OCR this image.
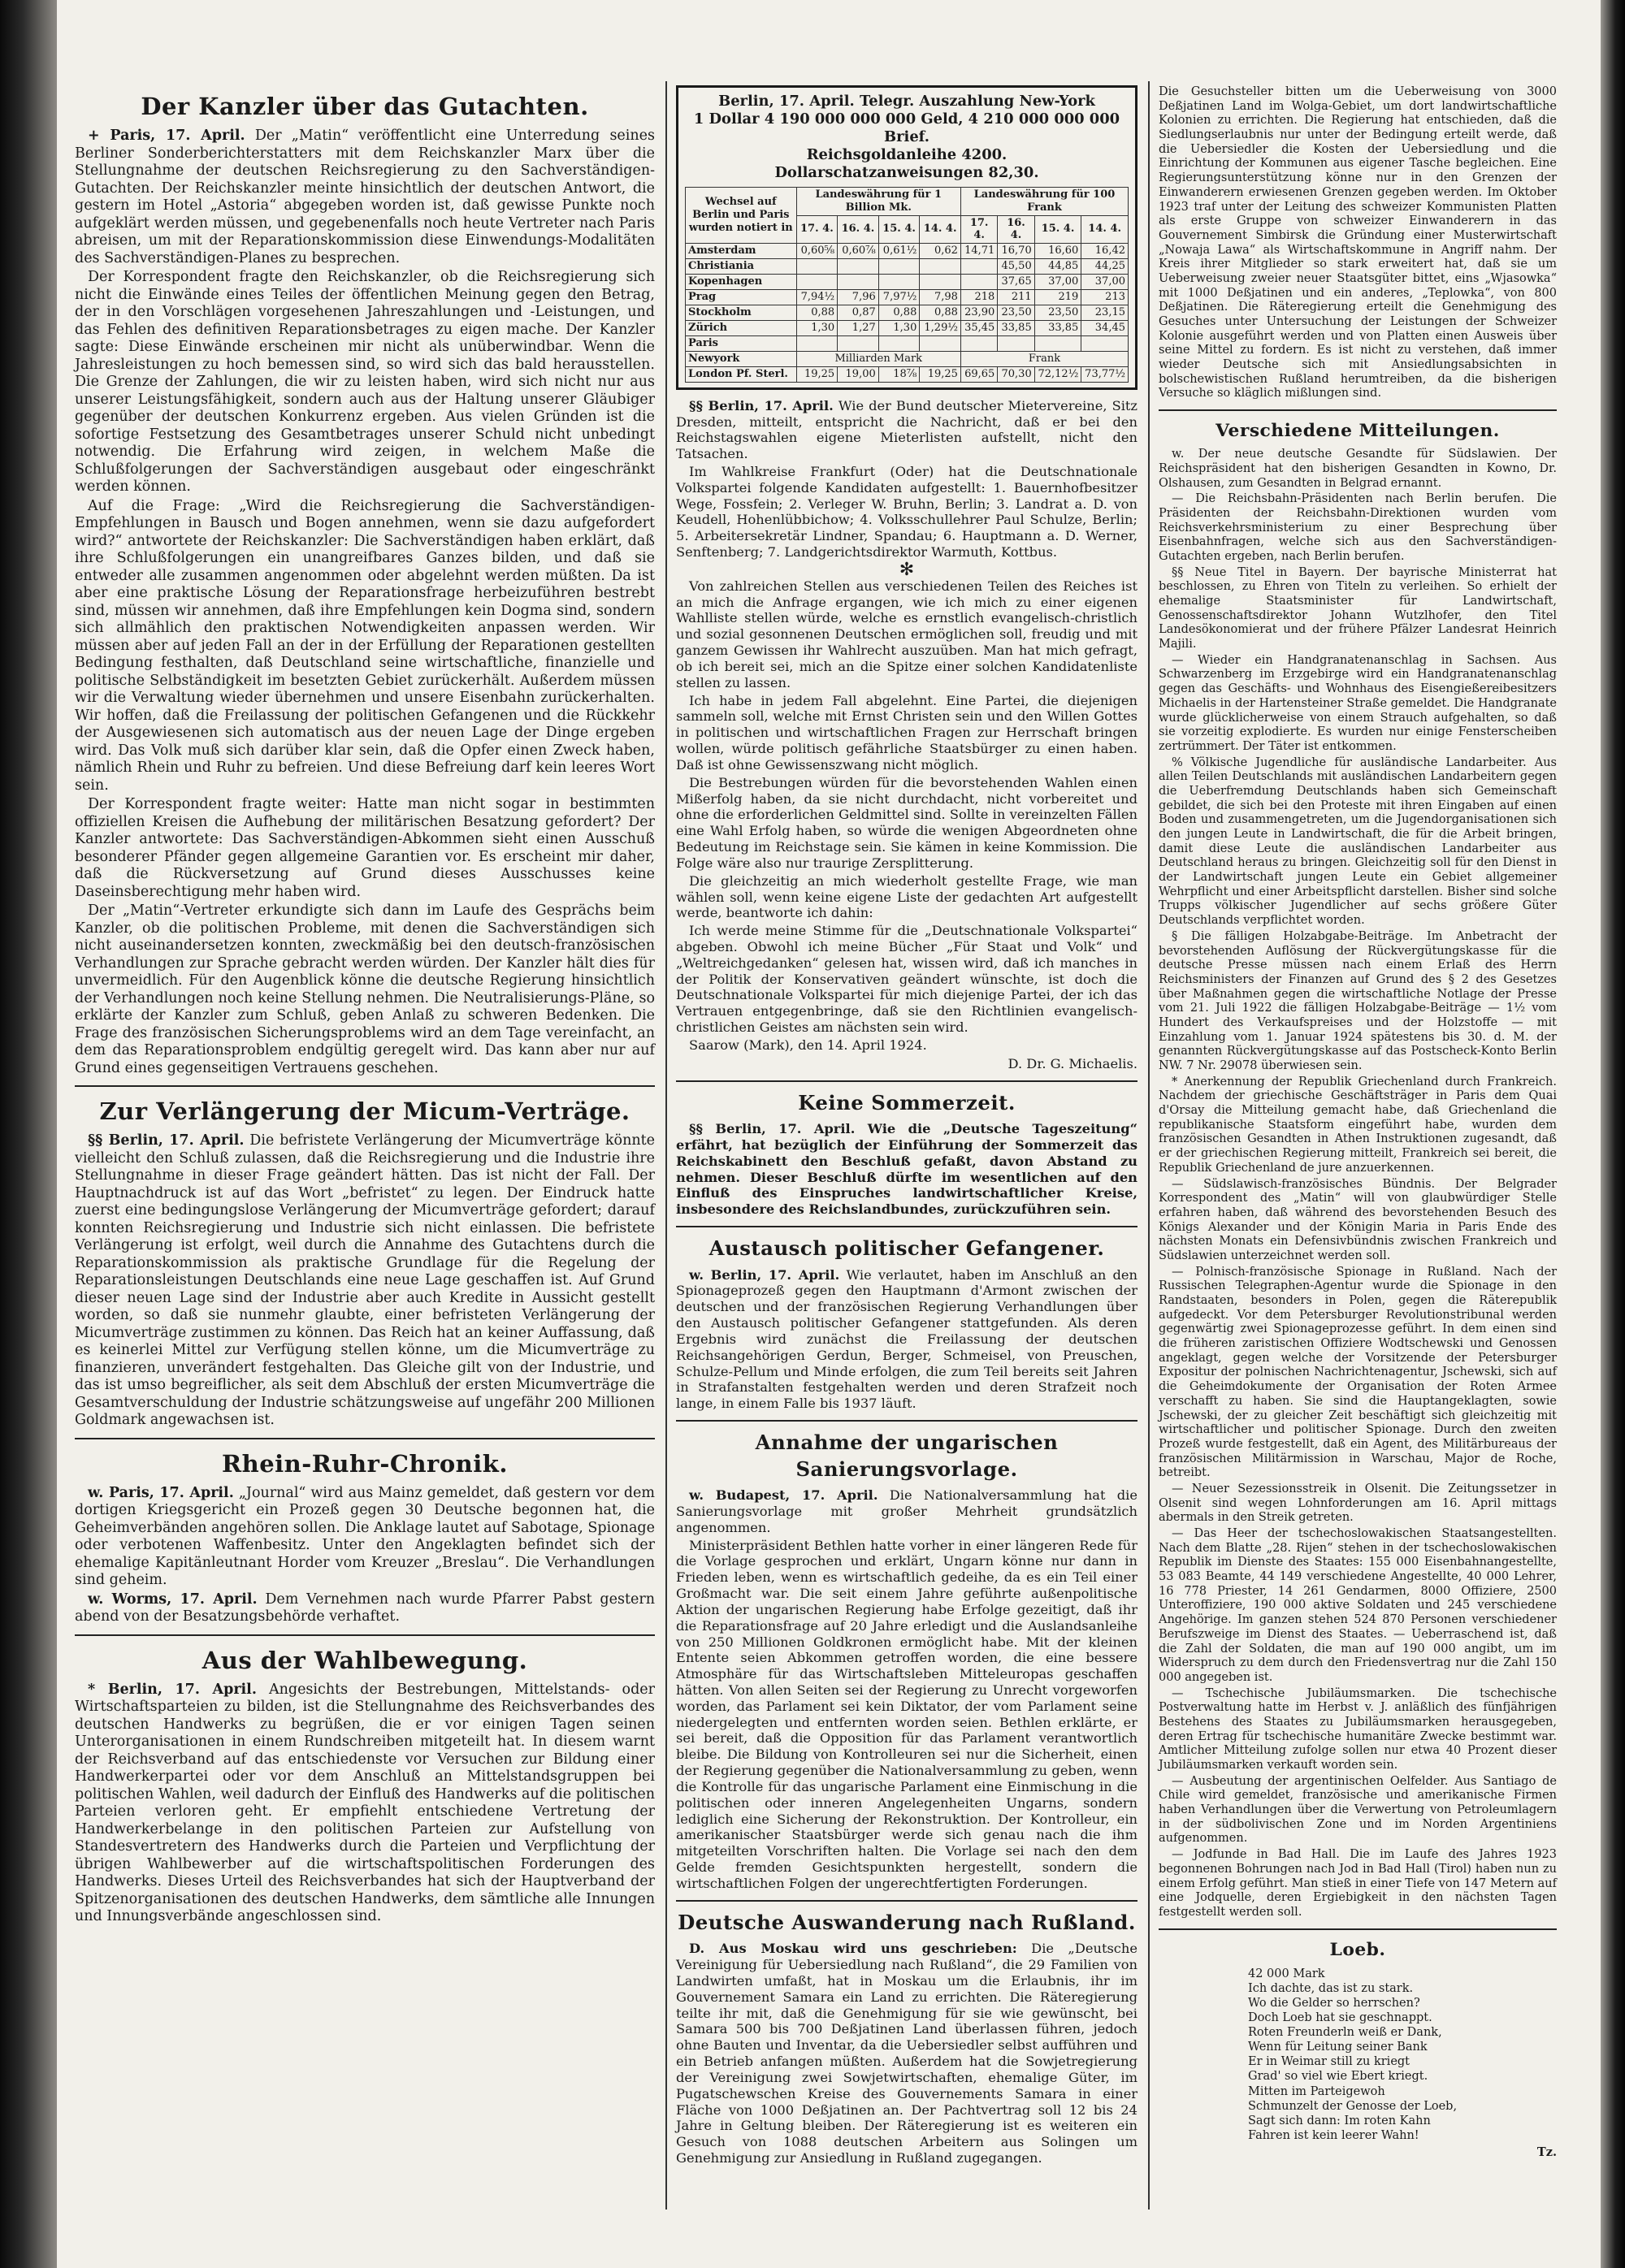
Der Kanzler über das Gutachten.

+ Paris, 17. April. Der „Matin“ veröffentlicht eine Unterredung seines Berliner Sonderberichterstatters mit dem Reichskanzler Marx über die Stellungnahme der deutschen Reichsregierung zu den Sachverständigen-Gutachten. Der Reichskanzler meinte hinsichtlich der deutschen Antwort, die gestern im Hotel „Astoria“ abgegeben worden ist, daß gewisse Punkte noch aufgeklärt werden müssen, und gegebenenfalls noch heute Vertreter nach Paris abreisen, um mit der Reparationskommission diese Einwendungs-Modalitäten des Sachverständigen-Planes zu besprechen.

Der Korrespondent fragte den Reichskanzler, ob die Reichsregierung sich nicht die Einwände eines Teiles der öffentlichen Meinung gegen den Betrag, der in den Vorschlägen vorgesehenen Jahreszahlungen und -Leistungen, und das Fehlen des definitiven Reparationsbetrages zu eigen mache. Der Kanzler sagte: Diese Einwände erscheinen mir nicht als unüberwindbar. Wenn die Jahresleistungen zu hoch bemessen sind, so wird sich das bald herausstellen. Die Grenze der Zahlungen, die wir zu leisten haben, wird sich nicht nur aus unserer Leistungsfähigkeit, sondern auch aus der Haltung unserer Gläubiger gegenüber der deutschen Konkurrenz ergeben. Aus vielen Gründen ist die sofortige Festsetzung des Gesamtbetrages unserer Schuld nicht unbedingt notwendig. Die Erfahrung wird zeigen, in welchem Maße die Schlußfolgerungen der Sachverständigen ausgebaut oder eingeschränkt werden können.

Auf die Frage: „Wird die Reichsregierung die Sachverständigen-Empfehlungen in Bausch und Bogen annehmen, wenn sie dazu aufgefordert wird?“ antwortete der Reichskanzler: Die Sachverständigen haben erklärt, daß ihre Schlußfolgerungen ein unangreifbares Ganzes bilden, und daß sie entweder alle zusammen angenommen oder abgelehnt werden müßten. Da ist aber eine praktische Lösung der Reparationsfrage herbeizuführen bestrebt sind, müssen wir annehmen, daß ihre Empfehlungen kein Dogma sind, sondern sich allmählich den praktischen Notwendigkeiten anpassen werden. Wir müssen aber auf jeden Fall an der in der Erfüllung der Reparationen gestellten Bedingung festhalten, daß Deutschland seine wirtschaftliche, finanzielle und politische Selbständigkeit im besetzten Gebiet zurückerhält. Außerdem müssen wir die Verwaltung wieder übernehmen und unsere Eisenbahn zurückerhalten. Wir hoffen, daß die Freilassung der politischen Gefangenen und die Rückkehr der Ausgewiesenen sich automatisch aus der neuen Lage der Dinge ergeben wird. Das Volk muß sich darüber klar sein, daß die Opfer einen Zweck haben, nämlich Rhein und Ruhr zu befreien. Und diese Befreiung darf kein leeres Wort sein.

Der Korrespondent fragte weiter: Hatte man nicht sogar in bestimmten offiziellen Kreisen die Aufhebung der militärischen Besatzung gefordert? Der Kanzler antwortete: Das Sachverständigen-Abkommen sieht einen Ausschuß besonderer Pfänder gegen allgemeine Garantien vor. Es erscheint mir daher, daß die Rückversetzung auf Grund dieses Ausschusses keine Daseinsberechtigung mehr haben wird.

Der „Matin“-Vertreter erkundigte sich dann im Laufe des Gesprächs beim Kanzler, ob die politischen Probleme, mit denen die Sachverständigen sich nicht auseinandersetzen konnten, zweckmäßig bei den deutsch-französischen Verhandlungen zur Sprache gebracht werden würden. Der Kanzler hält dies für unvermeidlich. Für den Augenblick könne die deutsche Regierung hinsichtlich der Verhandlungen noch keine Stellung nehmen. Die Neutralisierungs-Pläne, so erklärte der Kanzler zum Schluß, geben Anlaß zu schweren Bedenken. Die Frage des französischen Sicherungsproblems wird an dem Tage vereinfacht, an dem das Reparationsproblem endgültig geregelt wird. Das kann aber nur auf Grund eines gegenseitigen Vertrauens geschehen.

Zur Verlängerung der Micum-Verträge.

§§ Berlin, 17. April. Die befristete Verlängerung der Micumverträge könnte vielleicht den Schluß zulassen, daß die Reichsregierung und die Industrie ihre Stellungnahme in dieser Frage geändert hätten. Das ist nicht der Fall. Der Hauptnachdruck ist auf das Wort „befristet“ zu legen. Der Eindruck hatte zuerst eine bedingungslose Verlängerung der Micumverträge gefordert; darauf konnten Reichsregierung und Industrie sich nicht einlassen. Die befristete Verlängerung ist erfolgt, weil durch die Annahme des Gutachtens durch die Reparationskommission als praktische Grundlage für die Regelung der Reparationsleistungen Deutschlands eine neue Lage geschaffen ist. Auf Grund dieser neuen Lage sind der Industrie aber auch Kredite in Aussicht gestellt worden, so daß sie nunmehr glaubte, einer befristeten Verlängerung der Micumverträge zustimmen zu können. Das Reich hat an keiner Auffassung, daß es keinerlei Mittel zur Verfügung stellen könne, um die Micumverträge zu finanzieren, unverändert festgehalten. Das Gleiche gilt von der Industrie, und das ist umso begreiflicher, als seit dem Abschluß der ersten Micumverträge die Gesamtverschuldung der Industrie schätzungsweise auf ungefähr 200 Millionen Goldmark angewachsen ist.

Rhein-Ruhr-Chronik.

w. Paris, 17. April. „Journal“ wird aus Mainz gemeldet, daß gestern vor dem dortigen Kriegsgericht ein Prozeß gegen 30 Deutsche begonnen hat, die Geheimverbänden angehören sollen. Die Anklage lautet auf Sabotage, Spionage oder verbotenen Waffenbesitz. Unter den Angeklagten befindet sich der ehemalige Kapitänleutnant Horder vom Kreuzer „Breslau“. Die Verhandlungen sind geheim.

w. Worms, 17. April. Dem Vernehmen nach wurde Pfarrer Pabst gestern abend von der Besatzungsbehörde verhaftet.

Aus der Wahlbewegung.

* Berlin, 17. April. Angesichts der Bestrebungen, Mittelstands- oder Wirtschaftsparteien zu bilden, ist die Stellungnahme des Reichsverbandes des deutschen Handwerks zu begrüßen, die er vor einigen Tagen seinen Unterorganisationen in einem Rundschreiben mitgeteilt hat. In diesem warnt der Reichsverband auf das entschiedenste vor Versuchen zur Bildung einer Handwerkerpartei oder vor dem Anschluß an Mittelstandsgruppen bei politischen Wahlen, weil dadurch der Einfluß des Handwerks auf die politischen Parteien verloren geht. Er empfiehlt entschiedene Vertretung der Handwerkerbelange in den politischen Parteien zur Aufstellung von Standesvertretern des Handwerks durch die Parteien und Verpflichtung der übrigen Wahlbewerber auf die wirtschaftspolitischen Forderungen des Handwerks. Dieses Urteil des Reichsverbandes hat sich der Hauptverband der Spitzenorganisationen des deutschen Handwerks, dem sämtliche alle Innungen und Innungsverbände angeschlossen sind.

Berlin, 17. April. Telegr. Auszahlung New-York
1 Dollar 4 190 000 000 000 Geld, 4 210 000 000 000 Brief.
Reichsgoldanleihe 4200.
Dollarschatzanweisungen 82,30.
Wechsel auf Berlin und Paris wurden notiert in	Landeswährung für 1 Billion Mk.				Landeswährung für 100 Frank			
	17. 4.	16. 4.	15. 4.	14. 4.	17. 4.	16. 4.	15. 4.	14. 4.
Amsterdam	0,60⅝	0,60⅞	0,61½	0,62	14,71	16,70	16,60	16,42
Christiania						45,50	44,85	44,25
Kopenhagen						37,65	37,00	37,00
Prag	7,94½	7,96	7,97½	7,98	218	211	219	213
Stockholm	0,88	0,87	0,88	0,88	23,90	23,50	23,50	23,15
Zürich	1,30	1,27	1,30	1,29½	35,45	33,85	33,85	34,45
Paris								
Newyork	Milliarden Mark				Frank			
London Pf. Sterl.	19,25	19,00	18⅞	19,25	69,65	70,30	72,12½	73,77½

§§ Berlin, 17. April. Wie der Bund deutscher Mietervereine, Sitz Dresden, mitteilt, entspricht die Nachricht, daß er bei den Reichstagswahlen eigene Mieterlisten aufstellt, nicht den Tatsachen.

Im Wahlkreise Frankfurt (Oder) hat die Deutschnationale Volkspartei folgende Kandidaten aufgestellt: 1. Bauernhofbesitzer Wege, Fossfein; 2. Verleger W. Bruhn, Berlin; 3. Landrat a. D. von Keudell, Hohenlübbichow; 4. Volksschullehrer Paul Schulze, Berlin; 5. Arbeitersekretär Lindner, Spandau; 6. Hauptmann a. D. Werner, Senftenberg; 7. Landgerichtsdirektor Warmuth, Kottbus.

✻

Von zahlreichen Stellen aus verschiedenen Teilen des Reiches ist an mich die Anfrage ergangen, wie ich mich zu einer eigenen Wahlliste stellen würde, welche es ernstlich evangelisch-christlich und sozial gesonnenen Deutschen ermöglichen soll, freudig und mit ganzem Gewissen ihr Wahlrecht auszuüben. Man hat mich gefragt, ob ich bereit sei, mich an die Spitze einer solchen Kandidatenliste stellen zu lassen.

Ich habe in jedem Fall abgelehnt. Eine Partei, die diejenigen sammeln soll, welche mit Ernst Christen sein und den Willen Gottes in politischen und wirtschaftlichen Fragen zur Herrschaft bringen wollen, würde politisch gefährliche Staatsbürger zu einen haben. Daß ist ohne Gewissenszwang nicht möglich.

Die Bestrebungen würden für die bevorstehenden Wahlen einen Mißerfolg haben, da sie nicht durchdacht, nicht vorbereitet und ohne die erforderlichen Geldmittel sind. Sollte in vereinzelten Fällen eine Wahl Erfolg haben, so würde die wenigen Abgeordneten ohne Bedeutung im Reichstage sein. Sie kämen in keine Kommission. Die Folge wäre also nur traurige Zersplitterung.

Die gleichzeitig an mich wiederholt gestellte Frage, wie man wählen soll, wenn keine eigene Liste der gedachten Art aufgestellt werde, beantworte ich dahin:

Ich werde meine Stimme für die „Deutschnationale Volkspartei“ abgeben. Obwohl ich meine Bücher „Für Staat und Volk“ und „Weltreichgedanken“ gelesen hat, wissen wird, daß ich manches in der Politik der Konservativen geändert wünschte, ist doch die Deutschnationale Volkspartei für mich diejenige Partei, der ich das Vertrauen entgegenbringe, daß sie den Richtlinien evangelisch-christlichen Geistes am nächsten sein wird.

Saarow (Mark), den 14. April 1924.

D. Dr. G. Michaelis.
Keine Sommerzeit.

§§ Berlin, 17. April. Wie die „Deutsche Tageszeitung“ erfährt, hat bezüglich der Einführung der Sommerzeit das Reichskabinett den Beschluß gefaßt, davon Abstand zu nehmen. Dieser Beschluß dürfte im wesentlichen auf den Einfluß des Einspruches landwirtschaftlicher Kreise, insbesondere des Reichslandbundes, zurückzuführen sein.

Austausch politischer Gefangener.

w. Berlin, 17. April. Wie verlautet, haben im Anschluß an den Spionageprozeß gegen den Hauptmann d'Armont zwischen der deutschen und der französischen Regierung Verhandlungen über den Austausch politischer Gefangener stattgefunden. Als deren Ergebnis wird zunächst die Freilassung der deutschen Reichsangehörigen Gerdun, Berger, Schmeisel, von Preuschen, Schulze-Pellum und Minde erfolgen, die zum Teil bereits seit Jahren in Strafanstalten festgehalten werden und deren Strafzeit noch lange, in einem Falle bis 1937 läuft.

Annahme der ungarischen Sanierungsvorlage.

w. Budapest, 17. April. Die Nationalversammlung hat die Sanierungsvorlage mit großer Mehrheit grundsätzlich angenommen.

Ministerpräsident Bethlen hatte vorher in einer längeren Rede für die Vorlage gesprochen und erklärt, Ungarn könne nur dann in Frieden leben, wenn es wirtschaftlich gedeihe, da es ein Teil einer Großmacht war. Die seit einem Jahre geführte außenpolitische Aktion der ungarischen Regierung habe Erfolge gezeitigt, daß ihr die Reparationsfrage auf 20 Jahre erledigt und die Auslandsanleihe von 250 Millionen Goldkronen ermöglicht habe. Mit der kleinen Entente seien Abkommen getroffen worden, die eine bessere Atmosphäre für das Wirtschaftsleben Mitteleuropas geschaffen hätten. Von allen Seiten sei der Regierung zu Unrecht vorgeworfen worden, das Parlament sei kein Diktator, der vom Parlament seine niedergelegten und entfernten worden seien. Bethlen erklärte, er sei bereit, daß die Opposition für das Parlament verantwortlich bleibe. Die Bildung von Kontrolleuren sei nur die Sicherheit, einen der Regierung gegenüber die Nationalversammlung zu geben, wenn die Kontrolle für das ungarische Parlament eine Einmischung in die politischen oder inneren Angelegenheiten Ungarns, sondern lediglich eine Sicherung der Rekonstruktion. Der Kontrolleur, ein amerikanischer Staatsbürger werde sich genau nach die ihm mitgeteilten Vorschriften halten. Die Vorlage sei nach den dem Gelde fremden Gesichtspunkten hergestellt, sondern die wirtschaftlichen Folgen der ungerechtfertigten Forderungen.

Deutsche Auswanderung nach Rußland.

D. Aus Moskau wird uns geschrieben: Die „Deutsche Vereinigung für Uebersiedlung nach Rußland“, die 29 Familien von Landwirten umfaßt, hat in Moskau um die Erlaubnis, ihr im Gouvernement Samara ein Land zu errichten. Die Räteregierung teilte ihr mit, daß die Genehmigung für sie wie gewünscht, bei Samara 500 bis 700 Deßjatinen Land überlassen führen, jedoch ohne Bauten und Inventar, da die Uebersiedler selbst aufführen und ein Betrieb anfangen müßten. Außerdem hat die Sowjetregierung der Vereinigung zwei Sowjetwirtschaften, ehemalige Güter, im Pugatschewschen Kreise des Gouvernements Samara in einer Fläche von 1000 Deßjatinen an. Der Pachtvertrag soll 12 bis 24 Jahre in Geltung bleiben. Der Räteregierung ist es weiteren ein Gesuch von 1088 deutschen Arbeitern aus Solingen um Genehmigung zur Ansiedlung in Rußland zugegangen.

Die Gesuchsteller bitten um die Ueberweisung von 3000 Deßjatinen Land im Wolga-Gebiet, um dort landwirtschaftliche Kolonien zu errichten. Die Regierung hat entschieden, daß die Siedlungserlaubnis nur unter der Bedingung erteilt werde, daß die Uebersiedler die Kosten der Uebersiedlung und die Einrichtung der Kommunen aus eigener Tasche begleichen. Eine Regierungsunterstützung könne nur in den Grenzen der Einwanderern erwiesenen Grenzen gegeben werden. Im Oktober 1923 traf unter der Leitung des schweizer Kommunisten Platten als erste Gruppe von schweizer Einwanderern in das Gouvernement Simbirsk die Gründung einer Musterwirtschaft „Nowaja Lawa“ als Wirtschaftskommune in Angriff nahm. Der Kreis ihrer Mitglieder so stark erweitert hat, daß sie um Ueberweisung zweier neuer Staatsgüter bittet, eins „Wjasowka“ mit 1000 Deßjatinen und ein anderes, „Teplowka“, von 800 Deßjatinen. Die Räteregierung erteilt die Genehmigung des Gesuches unter Untersuchung der Leistungen der Schweizer Kolonie ausgeführt werden und von Platten einen Ausweis über seine Mittel zu fordern. Es ist nicht zu verstehen, daß immer wieder Deutsche sich mit Ansiedlungsabsichten in bolschewistischen Rußland herumtreiben, da die bisherigen Versuche so kläglich mißlungen sind.

Verschiedene Mitteilungen.

w. Der neue deutsche Gesandte für Südslawien. Der Reichspräsident hat den bisherigen Gesandten in Kowno, Dr. Olshausen, zum Gesandten in Belgrad ernannt.

— Die Reichsbahn-Präsidenten nach Berlin berufen. Die Präsidenten der Reichsbahn-Direktionen wurden vom Reichsverkehrsministerium zu einer Besprechung über Eisenbahnfragen, welche sich aus den Sachverständigen-Gutachten ergeben, nach Berlin berufen.

§§ Neue Titel in Bayern. Der bayrische Ministerrat hat beschlossen, zu Ehren von Titeln zu verleihen. So erhielt der ehemalige Staatsminister für Landwirtschaft, Genossenschaftsdirektor Johann Wutzlhofer, den Titel Landesökonomierat und der frühere Pfälzer Landesrat Heinrich Majili.

— Wieder ein Handgranatenanschlag in Sachsen. Aus Schwarzenberg im Erzgebirge wird ein Handgranatenanschlag gegen das Geschäfts- und Wohnhaus des Eisengießereibesitzers Michaelis in der Hartensteiner Straße gemeldet. Die Handgranate wurde glücklicherweise von einem Strauch aufgehalten, so daß sie vorzeitig explodierte. Es wurden nur einige Fensterscheiben zertrümmert. Der Täter ist entkommen.

% Völkische Jugendliche für ausländische Landarbeiter. Aus allen Teilen Deutschlands mit ausländischen Landarbeitern gegen die Ueberfremdung Deutschlands haben sich Gemeinschaft gebildet, die sich bei den Proteste mit ihren Eingaben auf einen Boden und zusammengetreten, um die Jugendorganisationen sich den jungen Leute in Landwirtschaft, die für die Arbeit bringen, damit diese Leute die ausländischen Landarbeiter aus Deutschland heraus zu bringen. Gleichzeitig soll für den Dienst in der Landwirtschaft jungen Leute ein Gebiet allgemeiner Wehrpflicht und einer Arbeitspflicht darstellen. Bisher sind solche Trupps völkischer Jugendlicher auf sechs größere Güter Deutschlands verpflichtet worden.

§ Die fälligen Holzabgabe-Beiträge. Im Anbetracht der bevorstehenden Auflösung der Rückvergütungskasse für die deutsche Presse müssen nach einem Erlaß des Herrn Reichsministers der Finanzen auf Grund des § 2 des Gesetzes über Maßnahmen gegen die wirtschaftliche Notlage der Presse vom 21. Juli 1922 die fälligen Holzabgabe-Beiträge — 1½ vom Hundert des Verkaufspreises und der Holzstoffe — mit Einzahlung vom 1. Januar 1924 spätestens bis 30. d. M. der genannten Rückvergütungskasse auf das Postscheck-Konto Berlin NW. 7 Nr. 29078 überwiesen sein.

* Anerkennung der Republik Griechenland durch Frankreich. Nachdem der griechische Geschäftsträger in Paris dem Quai d'Orsay die Mitteilung gemacht habe, daß Griechenland die republikanische Staatsform eingeführt habe, wurden dem französischen Gesandten in Athen Instruktionen zugesandt, daß er der griechischen Regierung mitteilt, Frankreich sei bereit, die Republik Griechenland de jure anzuerkennen.

— Südslawisch-französisches Bündnis. Der Belgrader Korrespondent des „Matin“ will von glaubwürdiger Stelle erfahren haben, daß während des bevorstehenden Besuch des Königs Alexander und der Königin Maria in Paris Ende des nächsten Monats ein Defensivbündnis zwischen Frankreich und Südslawien unterzeichnet werden soll.

— Polnisch-französische Spionage in Rußland. Nach der Russischen Telegraphen-Agentur wurde die Spionage in den Randstaaten, besonders in Polen, gegen die Räterepublik aufgedeckt. Vor dem Petersburger Revolutionstribunal werden gegenwärtig zwei Spionageprozesse geführt. In dem einen sind die früheren zaristischen Offiziere Wodtschewski und Genossen angeklagt, gegen welche der Vorsitzende der Petersburger Expositur der polnischen Nachrichtenagentur, Jschewski, sich auf die Geheimdokumente der Organisation der Roten Armee verschafft zu haben. Sie sind die Hauptangeklagten, sowie Jschewski, der zu gleicher Zeit beschäftigt sich gleichzeitig mit wirtschaftlicher und politischer Spionage. Durch den zweiten Prozeß wurde festgestellt, daß ein Agent, des Militärbureaus der französischen Militärmission in Warschau, Major de Roche, betreibt.

— Neuer Sezessionsstreik in Olsenit. Die Zeitungssetzer in Olsenit sind wegen Lohnforderungen am 16. April mittags abermals in den Streik getreten.

— Das Heer der tschechoslowakischen Staatsangestellten. Nach dem Blatte „28. Rijen“ stehen in der tschechoslowakischen Republik im Dienste des Staates: 155 000 Eisenbahnangestellte, 53 083 Beamte, 44 149 verschiedene Angestellte, 40 000 Lehrer, 16 778 Priester, 14 261 Gendarmen, 8000 Offiziere, 2500 Unteroffiziere, 190 000 aktive Soldaten und 245 verschiedene Angehörige. Im ganzen stehen 524 870 Personen verschiedener Berufszweige im Dienst des Staates. — Ueberraschend ist, daß die Zahl der Soldaten, die man auf 190 000 angibt, um im Widerspruch zu dem durch den Friedensvertrag nur die Zahl 150 000 angegeben ist.

— Tschechische Jubiläumsmarken. Die tschechische Postverwaltung hatte im Herbst v. J. anläßlich des fünfjährigen Bestehens des Staates zu Jubiläumsmarken herausgegeben, deren Ertrag für tschechische humanitäre Zwecke bestimmt war. Amtlicher Mitteilung zufolge sollen nur etwa 40 Prozent dieser Jubiläumsmarken verkauft worden sein.

— Ausbeutung der argentinischen Oelfelder. Aus Santiago de Chile wird gemeldet, französische und amerikanische Firmen haben Verhandlungen über die Verwertung von Petroleumlagern in der südbolivischen Zone und im Norden Argentiniens aufgenommen.

— Jodfunde in Bad Hall. Die im Laufe des Jahres 1923 begonnenen Bohrungen nach Jod in Bad Hall (Tirol) haben nun zu einem Erfolg geführt. Man stieß in einer Tiefe von 147 Metern auf eine Jodquelle, deren Ergiebigkeit in den nächsten Tagen festgestellt werden soll.

Loeb.
42 000 Mark
Ich dachte, das ist zu stark.
Wo die Gelder so herrschen?
Doch Loeb hat sie geschnappt.
Roten Freunderln weiß er Dank,
Wenn für Leitung seiner Bank
Er in Weimar still zu kriegt
Grad' so viel wie Ebert kriegt.
Mitten im Parteigewoh
Schmunzelt der Genosse der Loeb,
Sagt sich dann: Im roten Kahn
Fahren ist kein leerer Wahn!
Tz.
